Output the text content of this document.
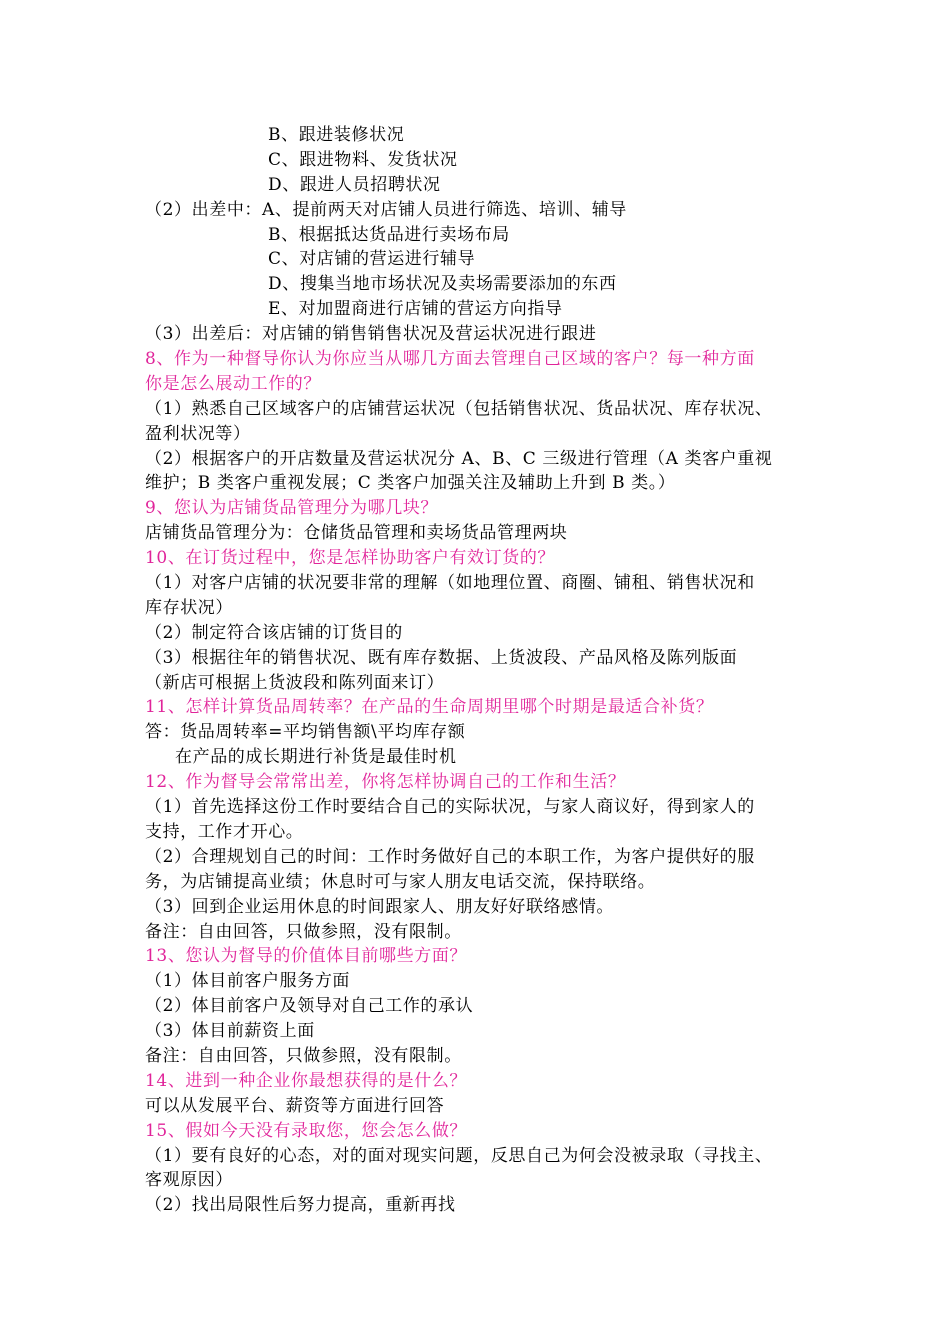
B、跟进装修状况
C、跟进物料、发货状况
D、跟进人员招聘状况
（2）出差中：A、提前两天对店铺人员进行筛选、培训、辅导
B、根据抵达货品进行卖场布局
C、对店铺的营运进行辅导
D、搜集当地市场状况及卖场需要添加的东西
E、对加盟商进行店铺的营运方向指导
（3）出差后：对店铺的销售销售状况及营运状况进行跟进
8、作为一种督导你认为你应当从哪几方面去管理自己区域的客户？每一种方面
你是怎么展动工作的？
（1）熟悉自己区域客户的店铺营运状况（包括销售状况、货品状况、库存状况、
盈利状况等）
（2）根据客户的开店数量及营运状况分 A、B、C 三级进行管理（A 类客户重视
维护；B 类客户重视发展；C 类客户加强关注及辅助上升到 B 类。）
9、您认为店铺货品管理分为哪几块？
店铺货品管理分为：仓储货品管理和卖场货品管理两块
10、在订货过程中，您是怎样协助客户有效订货的？
（1）对客户店铺的状况要非常的理解（如地理位置、商圈、铺租、销售状况和
库存状况）
（2）制定符合该店铺的订货目的
（3）根据往年的销售状况、既有库存数据、上货波段、产品风格及陈列版面
（新店可根据上货波段和陈列面来订）
11、怎样计算货品周转率？在产品的生命周期里哪个时期是最适合补货？
答：货品周转率=平均销售额\平均库存额
在产品的成长期进行补货是最佳时机
12、作为督导会常常出差，你将怎样协调自己的工作和生活？
（1）首先选择这份工作时要结合自己的实际状况，与家人商议好，得到家人的
支持，工作才开心。
（2）合理规划自己的时间：工作时务做好自己的本职工作，为客户提供好的服
务，为店铺提高业绩；休息时可与家人朋友电话交流，保持联络。
（3）回到企业运用休息的时间跟家人、朋友好好联络感情。
备注：自由回答，只做参照，没有限制。
13、您认为督导的价值体目前哪些方面？
（1）体目前客户服务方面
（2）体目前客户及领导对自己工作的承认
（3）体目前薪资上面
备注：自由回答，只做参照，没有限制。
14、进到一种企业你最想获得的是什么？
可以从发展平台、薪资等方面进行回答
15、假如今天没有录取您，您会怎么做？
（1）要有良好的心态，对的面对现实问题，反思自己为何会没被录取（寻找主、
客观原因）
（2）找出局限性后努力提高，重新再找
